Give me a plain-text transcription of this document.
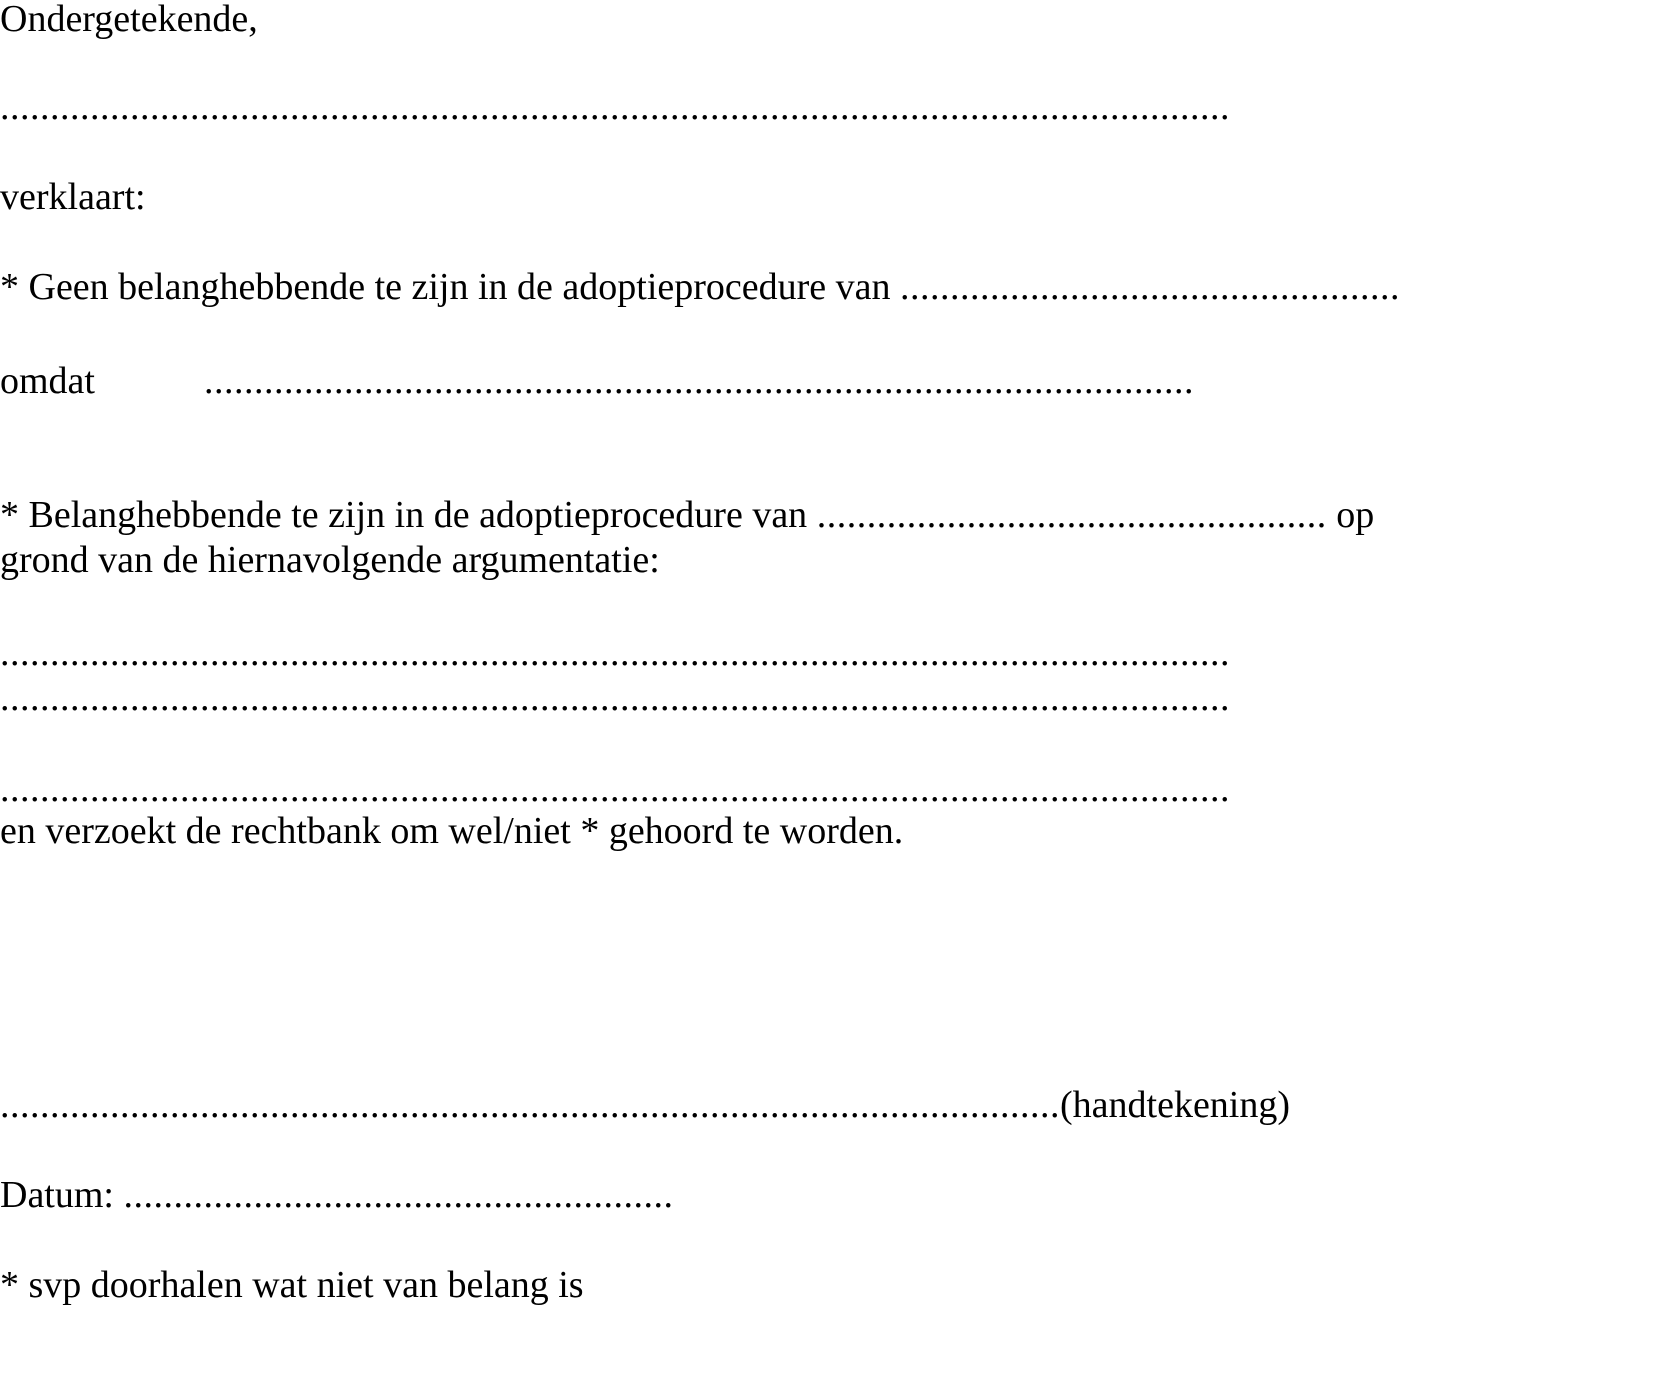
Ondergetekende,
...........................................................................................................................
verklaart:
* Geen belanghebbende te zijn in de adoptieprocedure van ..................................................
omdat	...................................................................................................
* Belanghebbende te zijn in de adoptieprocedure van ................................................... op
grond van de hiernavolgende argumentatie:
...........................................................................................................................
...........................................................................................................................
...........................................................................................................................
en verzoekt de rechtbank om wel/niet * gehoord te worden.
..........................................................................................................(handtekening)
Datum: .......................................................
* svp doorhalen wat niet van belang is
